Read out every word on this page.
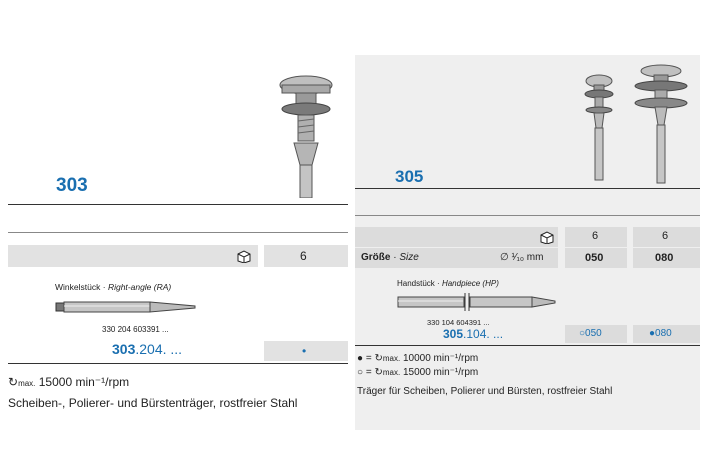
303
6
Winkelstück · Right-angle (RA)
330 204 603391 ...
303.204. ...	•
↻max. 15000 min⁻¹/rpm
Scheiben-, Polierer- und Bürstenträger, rostfreier Stahl
305
6	6
Größe · Size	∅ ¹⁄₁₀ mm	050	080
Handstück · Handpiece (HP)
330 104 604391 ...
305.104. ...	○050	●080
● = ↻max. 10000 min⁻¹/rpm
○ = ↻max. 15000 min⁻¹/rpm
Träger für Scheiben, Polierer und Bürsten, rostfreier Stahl
